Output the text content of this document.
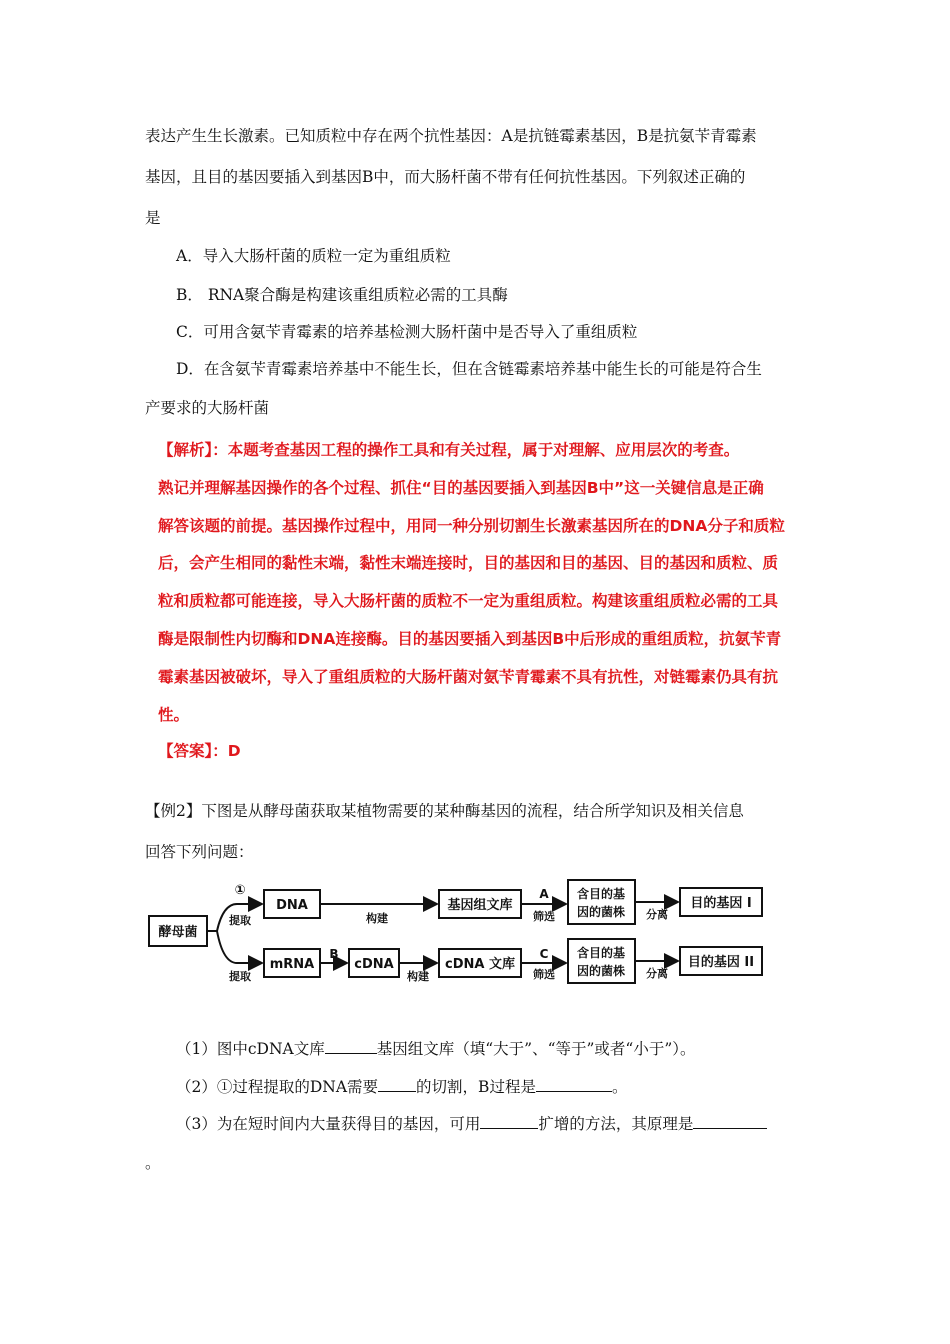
表达产生生长激素。已知质粒中存在两个抗性基因：A是抗链霉素基因，B是抗氨苄青霉素
基因，且目的基因要插入到基因B中，而大肠杆菌不带有任何抗性基因。下列叙述正确的
是
A．导入大肠杆菌的质粒一定为重组质粒
B． RNA聚合酶是构建该重组质粒必需的工具酶
C．可用含氨苄青霉素的培养基检测大肠杆菌中是否导入了重组质粒
D．在含氨苄青霉素培养基中不能生长，但在含链霉素培养基中能生长的可能是符合生
产要求的大肠杆菌
【解析】：本题考查基因工程的操作工具和有关过程，属于对理解、应用层次的考查。
熟记并理解基因操作的各个过程、抓住“目的基因要插入到基因B中”这一关键信息是正确
解答该题的前提。基因操作过程中，用同一种分别切割生长激素基因所在的DNA分子和质粒
后，会产生相同的黏性末端，黏性末端连接时，目的基因和目的基因、目的基因和质粒、质
粒和质粒都可能连接，导入大肠杆菌的质粒不一定为重组质粒。构建该重组质粒必需的工具
酶是限制性内切酶和DNA连接酶。目的基因要插入到基因B中后形成的重组质粒，抗氨苄青
霉素基因被破坏，导入了重组质粒的大肠杆菌对氨苄青霉素不具有抗性，对链霉素仍具有抗
性。
【答案】：D
【例2】下图是从酵母菌获取某植物需要的某种酶基因的流程，结合所学知识及相关信息
回答下列问题：
酵母菌
①
提取
DNA
构建
基因组文库
A
筛选
含目的基
因的菌株 分离
目的基因 I
提取
mRNA
B
cDNA
构建
cDNA 文库
C
筛选
含目的基
因的菌株 分离
目的基因 II
（1）图中cDNA文库	基因组文库（填“大于”、“等于”或者“小于”）。
（2）①过程提取的DNA需要 的切割，B过程是	。
（3）为在短时间内大量获得目的基因，可用	扩增的方法，其原理是
。
